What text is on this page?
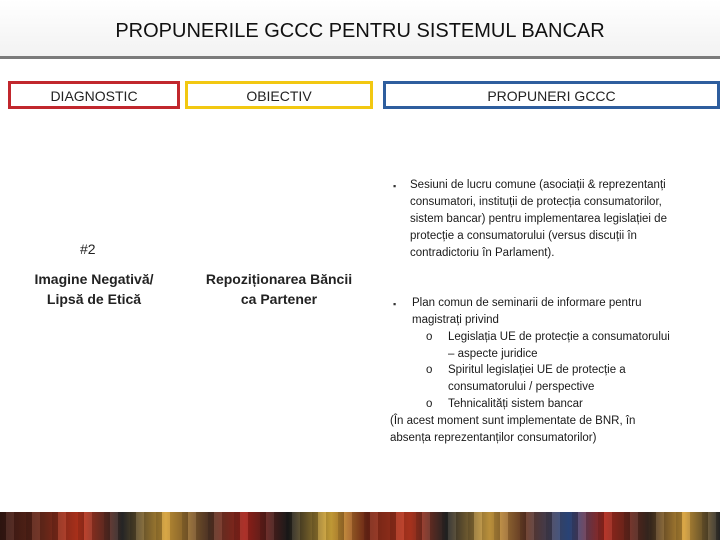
PROPUNERILE GCCC PENTRU SISTEMUL BANCAR
DIAGNOSTIC	OBIECTIV	PROPUNERI GCCC
#2
Imagine Negativă/
Lipsă de Etică
Repoziționarea Băncii
ca Partener
▪ Sesiuni de lucru comune (asociații & reprezentanți
consumatori, instituții de protecția consumatorilor,
sistem bancar) pentru implementarea legislației de
protecție a consumatorului (versus discuții în
contradictoriu în Parlament).
▪ Plan comun de seminarii de informare pentru
magistrați privind
o Legislația UE de protecție a consumatorului
– aspecte juridice
o Spiritul legislației UE de protecție a
consumatorului / perspective
o Tehnicalități sistem bancar
(În acest moment sunt implementate de BNR, în
absența reprezentanților consumatorilor)
